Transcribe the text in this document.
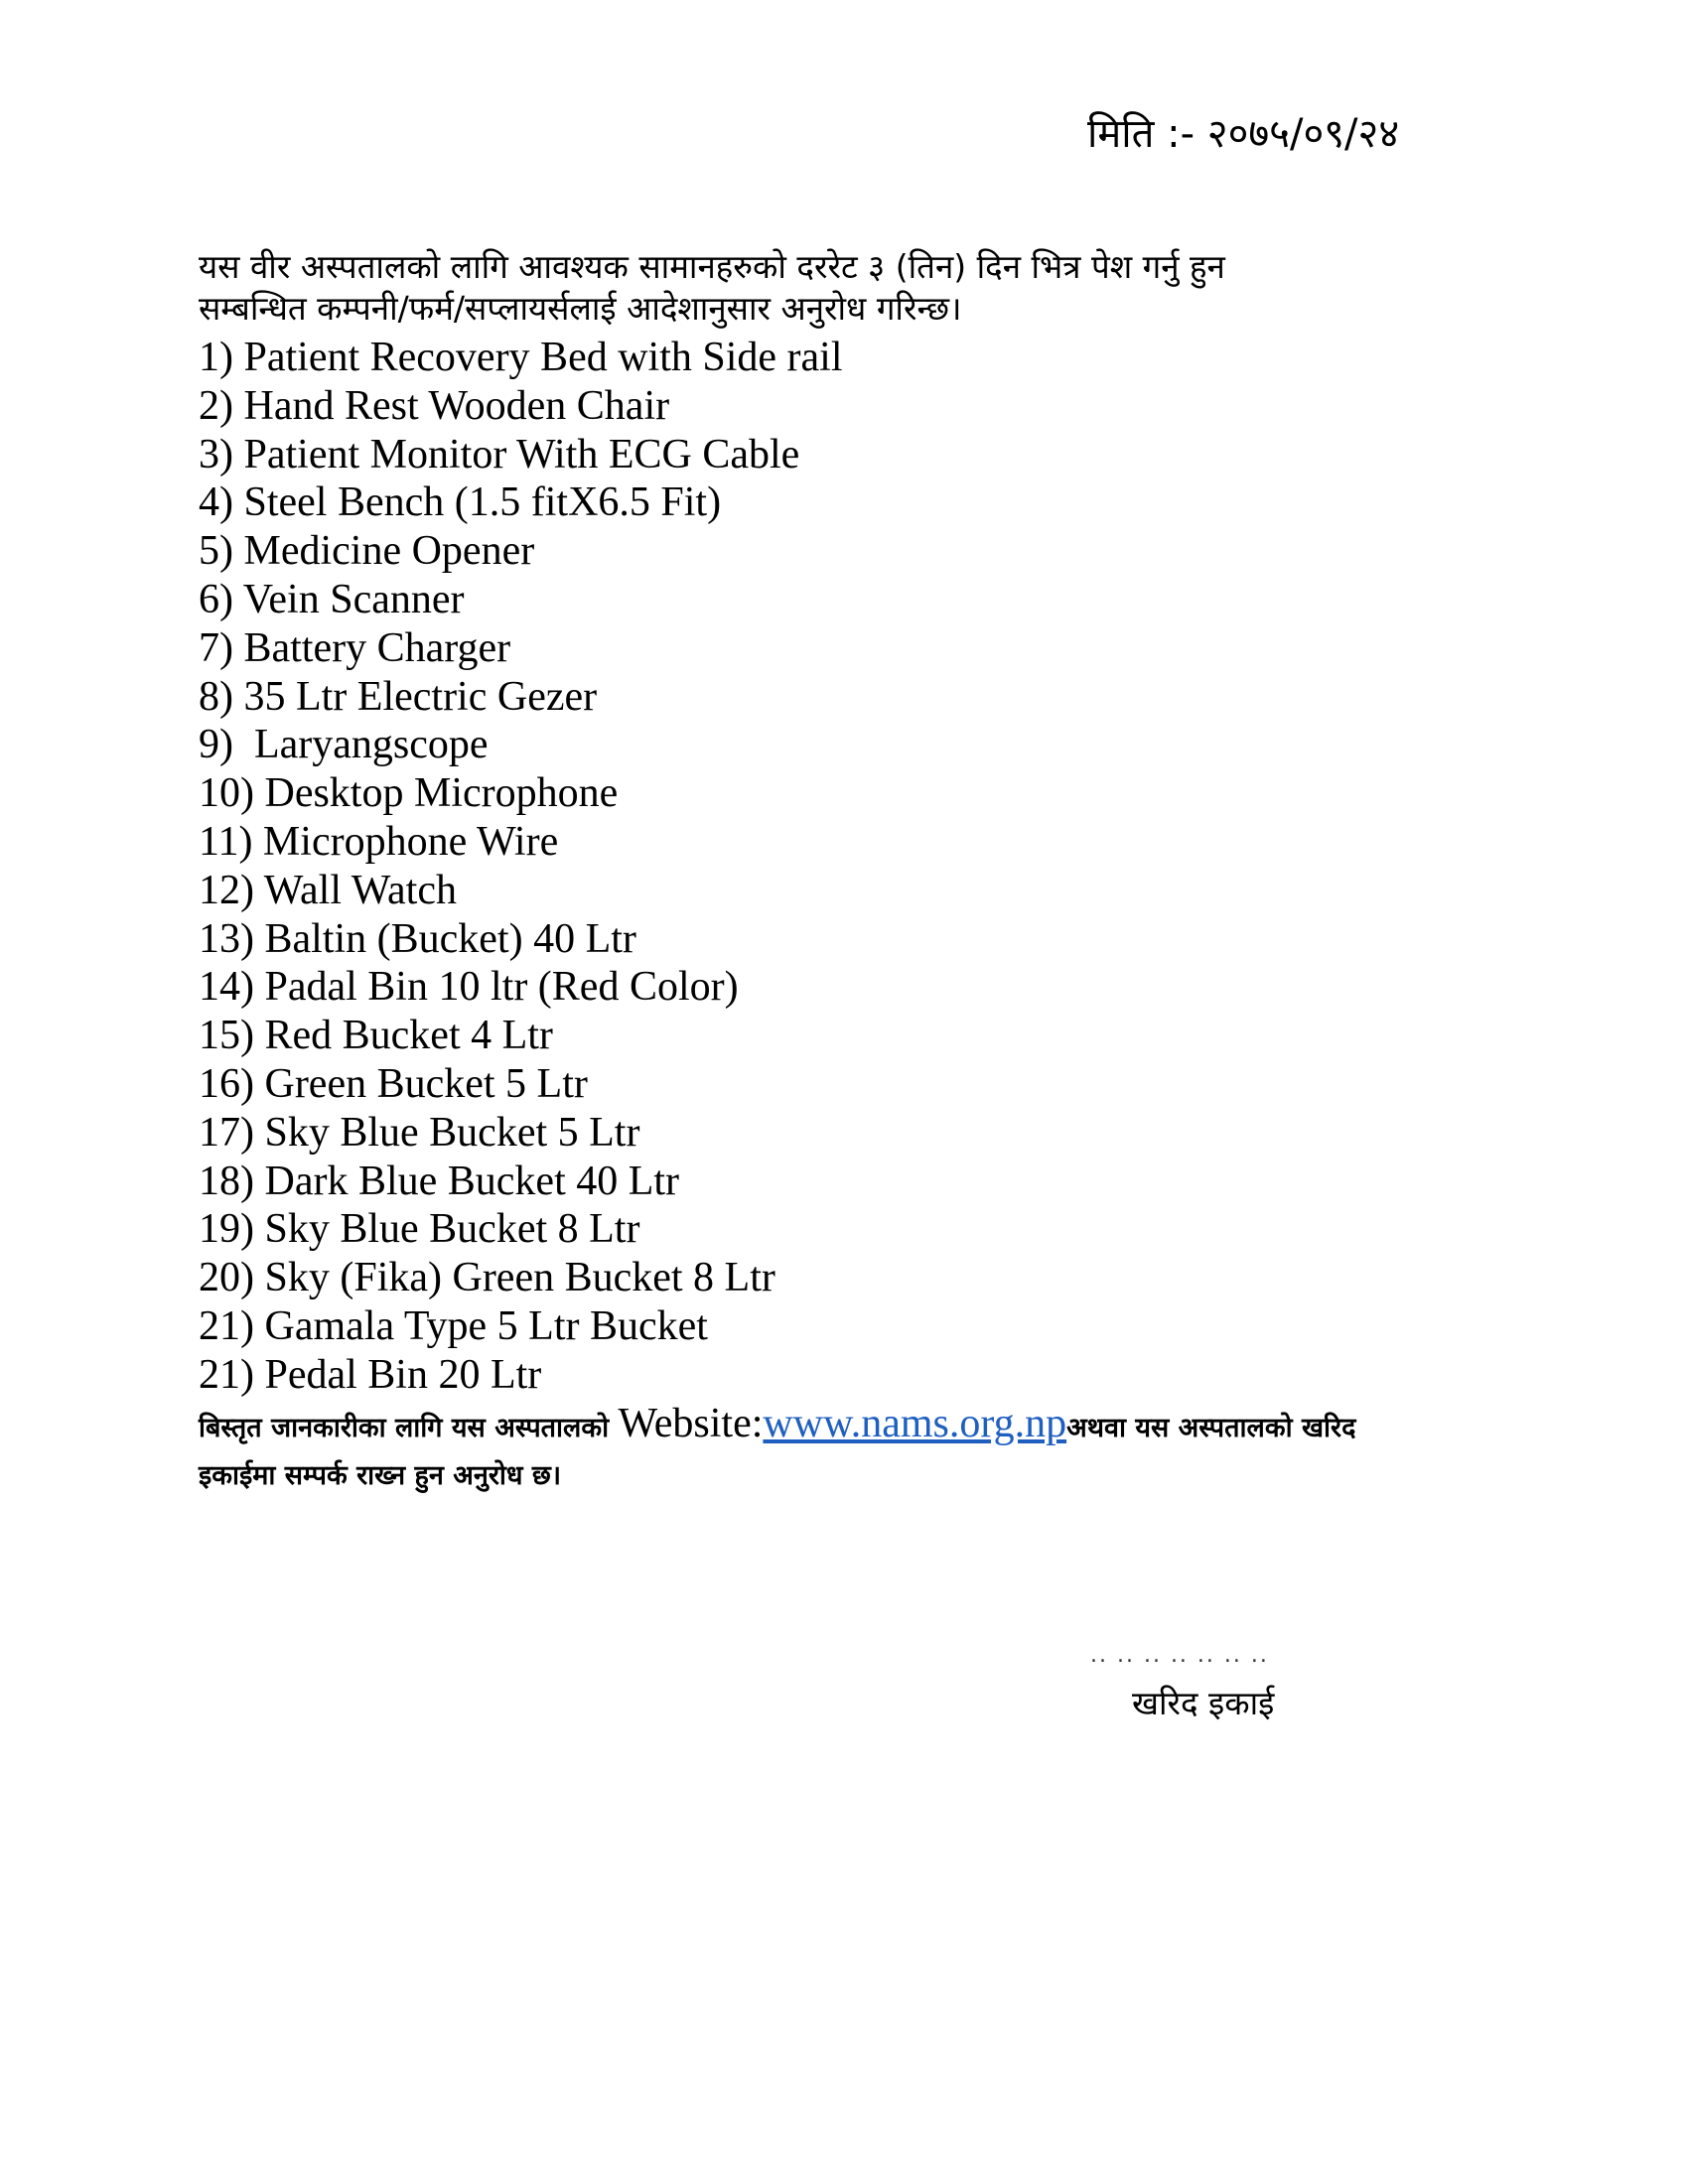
मिति :- २०७५/०९/२४
यस वीर अस्पतालको लागि आवश्यक सामानहरुको दररेट ३ (तिन) दिन भित्र पेश गर्नु हुन
सम्बन्धित कम्पनी/फर्म/सप्लायर्सलाई आदेशानुसार अनुरोध गरिन्छ।
1) Patient Recovery Bed with Side rail
2) Hand Rest Wooden Chair
3) Patient Monitor With ECG Cable
4) Steel Bench (1.5 fitX6.5 Fit)
5) Medicine Opener
6) Vein Scanner
7) Battery Charger
8) 35 Ltr Electric Gezer
9)  Laryangscope
10) Desktop Microphone
11) Microphone Wire
12) Wall Watch
13) Baltin (Bucket) 40 Ltr
14) Padal Bin 10 ltr (Red Color)
15) Red Bucket 4 Ltr
16) Green Bucket 5 Ltr
17) Sky Blue Bucket 5 Ltr
18) Dark Blue Bucket 40 Ltr
19) Sky Blue Bucket 8 Ltr
20) Sky (Fika) Green Bucket 8 Ltr
21) Gamala Type 5 Ltr Bucket
21) Pedal Bin 20 Ltr
बिस्तृत जानकारीका लागि यस अस्पतालको Website:www.nams.org.npअथवा यस अस्पतालको खरिद
इकाईमा सम्पर्क राख्न हुन अनुरोध छ।
.. .. .. .. .. .. ..
खरिद इकाई
